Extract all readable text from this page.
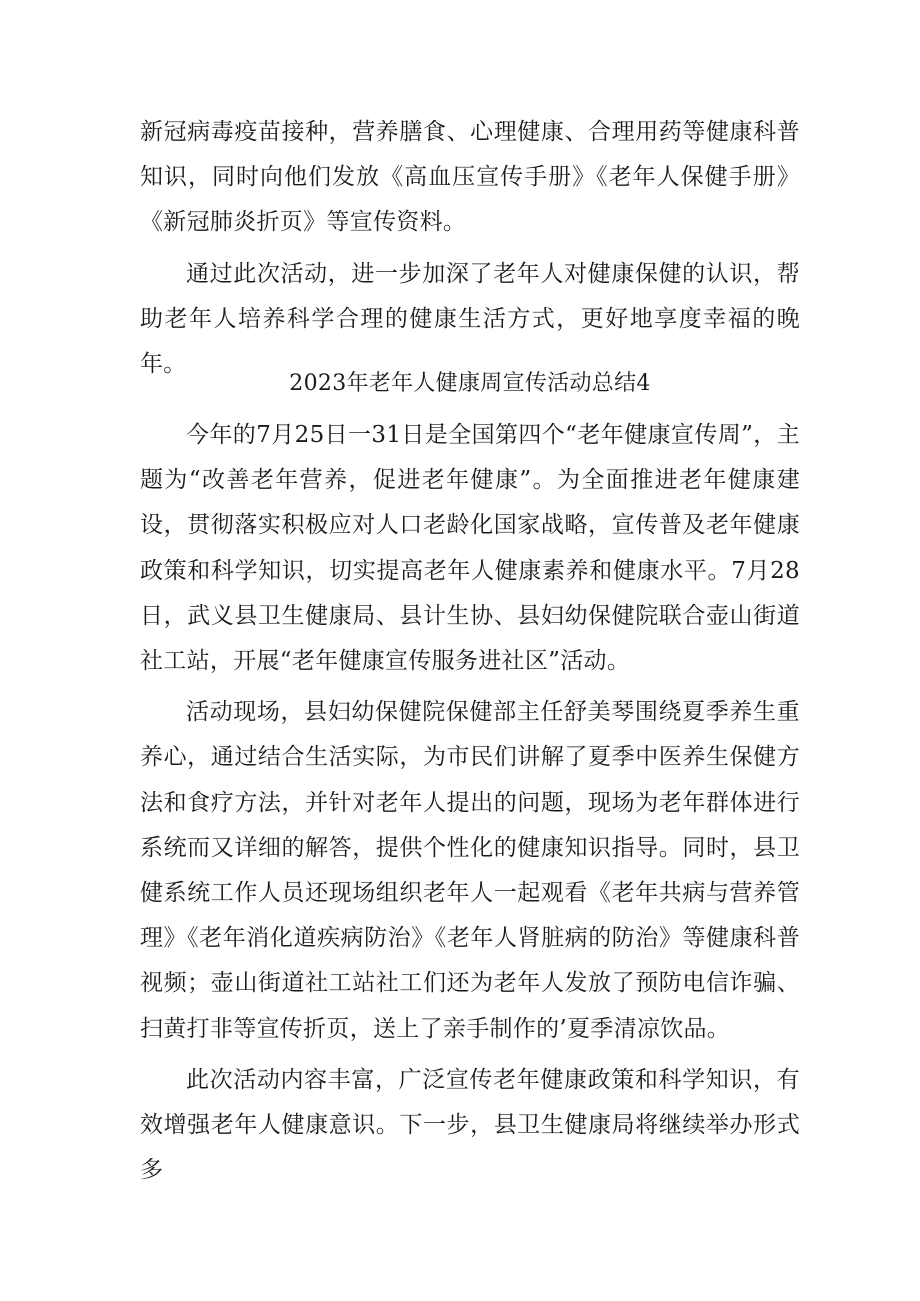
新冠病毒疫苗接种，营养膳食、心理健康、合理用药等健康科普知识，同时向他们发放《高血压宣传手册》《老年人保健手册》《新冠肺炎折页》等宣传资料。

通过此次活动，进一步加深了老年人对健康保健的认识，帮助老年人培养科学合理的健康生活方式，更好地享度幸福的晚年。

2023年老年人健康周宣传活动总结4

今年的7月25日一31日是全国第四个“老年健康宣传周”，主题为“改善老年营养，促进老年健康”。为全面推进老年健康建设，贯彻落实积极应对人口老龄化国家战略，宣传普及老年健康政策和科学知识，切实提高老年人健康素养和健康水平。7月28日，武义县卫生健康局、县计生协、县妇幼保健院联合壶山街道社工站，开展“老年健康宣传服务进社区”活动。

活动现场，县妇幼保健院保健部主任舒美琴围绕夏季养生重养心，通过结合生活实际，为市民们讲解了夏季中医养生保健方法和食疗方法，并针对老年人提出的问题，现场为老年群体进行系统而又详细的解答，提供个性化的健康知识指导。同时，县卫健系统工作人员还现场组织老年人一起观看《老年共病与营养管理》《老年消化道疾病防治》《老年人肾脏病的防治》等健康科普视频；壶山街道社工站社工们还为老年人发放了预防电信诈骗、扫黄打非等宣传折页，送上了亲手制作的’夏季清凉饮品。

此次活动内容丰富，广泛宣传老年健康政策和科学知识，有效增强老年人健康意识。下一步，县卫生健康局将继续举办形式多
